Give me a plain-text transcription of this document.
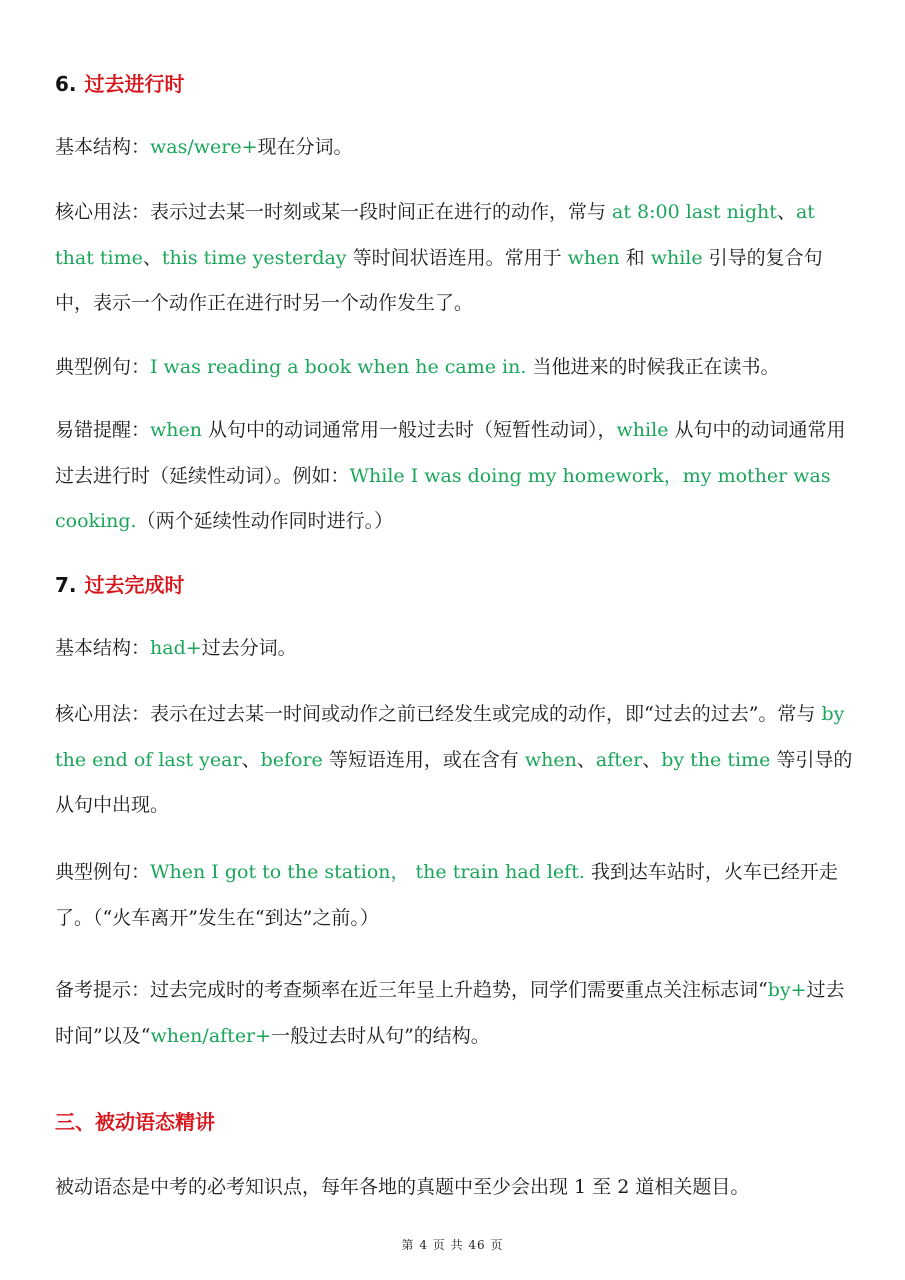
6. 过去进行时
基本结构：was/were+现在分词。
核心用法：表示过去某一时刻或某一段时间正在进行的动作，常与 at 8:00 last night、at that time、this time yesterday 等时间状语连用。常用于 when 和 while 引导的复合句中，表示一个动作正在进行时另一个动作发生了。
典型例句：I was reading a book when he came in. 当他进来的时候我正在读书。
易错提醒：when 从句中的动词通常用一般过去时（短暂性动词），while 从句中的动词通常用过去进行时（延续性动词）。例如：While I was doing my homework，my mother was cooking.（两个延续性动作同时进行。）
7. 过去完成时
基本结构：had+过去分词。
核心用法：表示在过去某一时间或动作之前已经发生或完成的动作，即“过去的过去”。常与 by the end of last year、before 等短语连用，或在含有 when、after、by the time 等引导的从句中出现。
典型例句：When I got to the station， the train had left. 我到达车站时，火车已经开走了。（“火车离开”发生在“到达”之前。）
备考提示：过去完成时的考查频率在近三年呈上升趋势，同学们需要重点关注标志词“by+过去时间”以及“when/after+一般过去时从句”的结构。
三、被动语态精讲
被动语态是中考的必考知识点，每年各地的真题中至少会出现 1 至 2 道相关题目。
第 4 页 共 46 页
